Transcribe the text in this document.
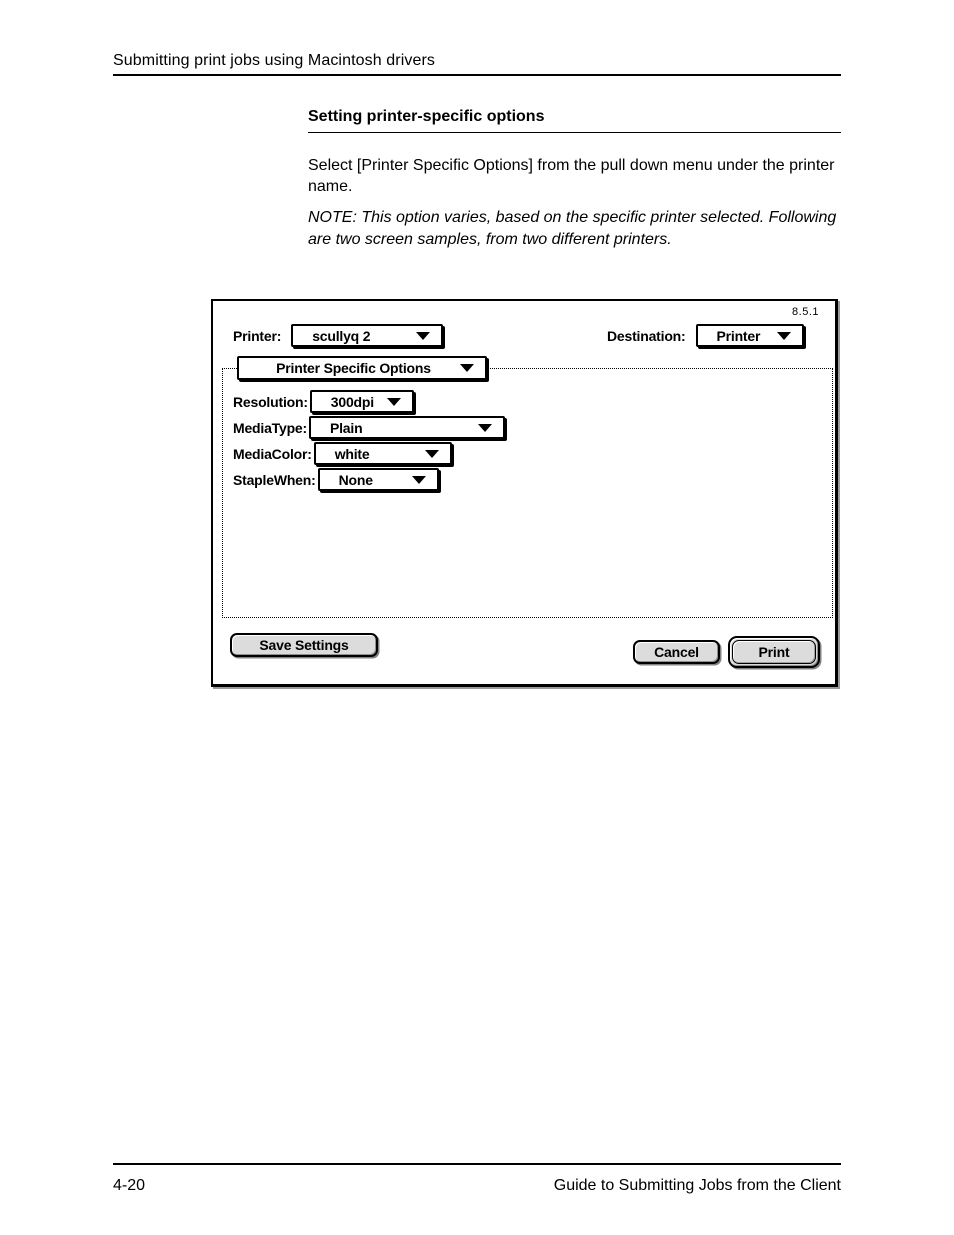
Submitting print jobs using Macintosh drivers
Setting printer-specific options

Select [Printer Specific Options] from the pull down menu under the printer name.

NOTE: This option varies, based on the specific printer selected. Following are two screen samples, from two different printers.

8.5.1
Printer:	scullyq 2	Destination:	Printer
Printer Specific Options
Resolution:	300dpi
MediaType:	Plain
MediaColor:	white
StapleWhen:	None
Save Settings	Cancel	Print
4-20	Guide to Submitting Jobs from the Client
